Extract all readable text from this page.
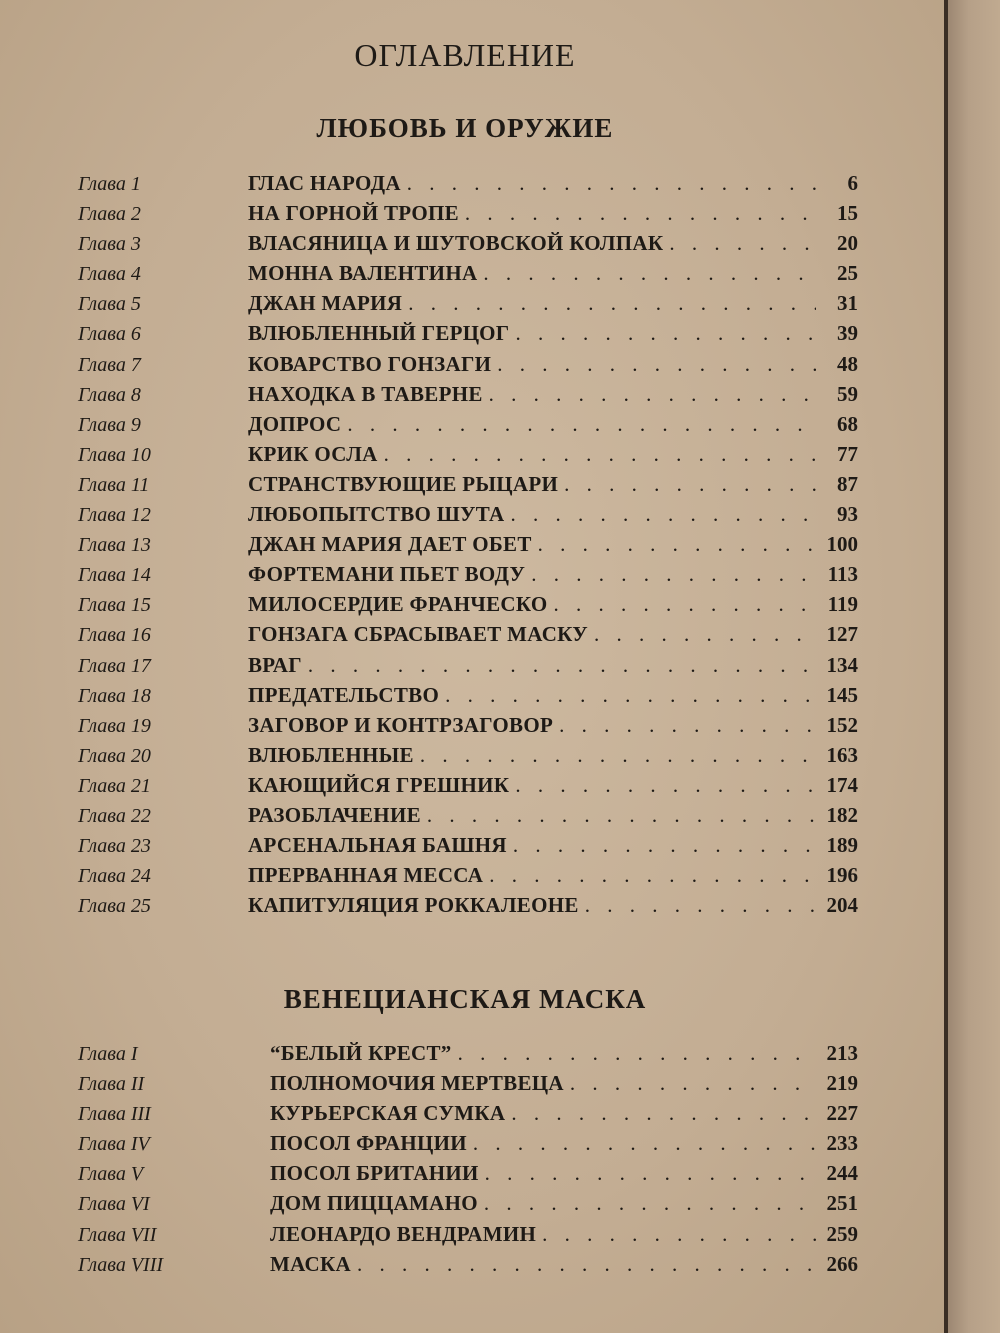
ОГЛАВЛЕНИЕ
ЛЮБОВЬ И ОРУЖИЕ
Глава 1	ГЛАС НАРОДА . . .	6
Глава 2	НА ГОРНОЙ ТРОПЕ . . .	15
Глава 3	ВЛАСЯНИЦА И ШУТОВСКОЙ КОЛПАК . . .	20
Глава 4	МОННА ВАЛЕНТИНА . . .	25
Глава 5	ДЖАН МАРИЯ . . .	31
Глава 6	ВЛЮБЛЕННЫЙ ГЕРЦОГ . . .	39
Глава 7	КОВАРСТВО ГОНЗАГИ . . .	48
Глава 8	НАХОДКА В ТАВЕРНЕ . . .	59
Глава 9	ДОПРОС . . .	68
Глава 10	КРИК ОСЛА . . .	77
Глава 11	СТРАНСТВУЮЩИЕ РЫЦАРИ . . .	87
Глава 12	ЛЮБОПЫТСТВО ШУТА . . .	93
Глава 13	ДЖАН МАРИЯ ДАЕТ ОБЕТ . . .	100
Глава 14	ФОРТЕМАНИ ПЬЕТ ВОДУ . . .	113
Глава 15	МИЛОСЕРДИЕ ФРАНЧЕСКО . . .	119
Глава 16	ГОНЗАГА СБРАСЫВАЕТ МАСКУ . . .	127
Глава 17	ВРАГ . . .	134
Глава 18	ПРЕДАТЕЛЬСТВО . . .	145
Глава 19	ЗАГОВОР И КОНТРЗАГОВОР . . .	152
Глава 20	ВЛЮБЛЕННЫЕ . . .	163
Глава 21	КАЮЩИЙСЯ ГРЕШНИК . . .	174
Глава 22	РАЗОБЛАЧЕНИЕ . . .	182
Глава 23	АРСЕНАЛЬНАЯ БАШНЯ . . .	189
Глава 24	ПРЕРВАННАЯ МЕССА . . .	196
Глава 25	КАПИТУЛЯЦИЯ РОККАЛЕОНЕ . . .	204
ВЕНЕЦИАНСКАЯ МАСКА
Глава I	“БЕЛЫЙ КРЕСТ” . . .	213
Глава II	ПОЛНОМОЧИЯ МЕРТВЕЦА . . .	219
Глава III	КУРЬЕРСКАЯ СУМКА . . .	227
Глава IV	ПОСОЛ ФРАНЦИИ . . .	233
Глава V	ПОСОЛ БРИТАНИИ . . .	244
Глава VI	ДОМ ПИЦЦАМАНО . . .	251
Глава VII	ЛЕОНАРДО ВЕНДРАМИН . . .	259
Глава VIII	МАСКА . . .	266
